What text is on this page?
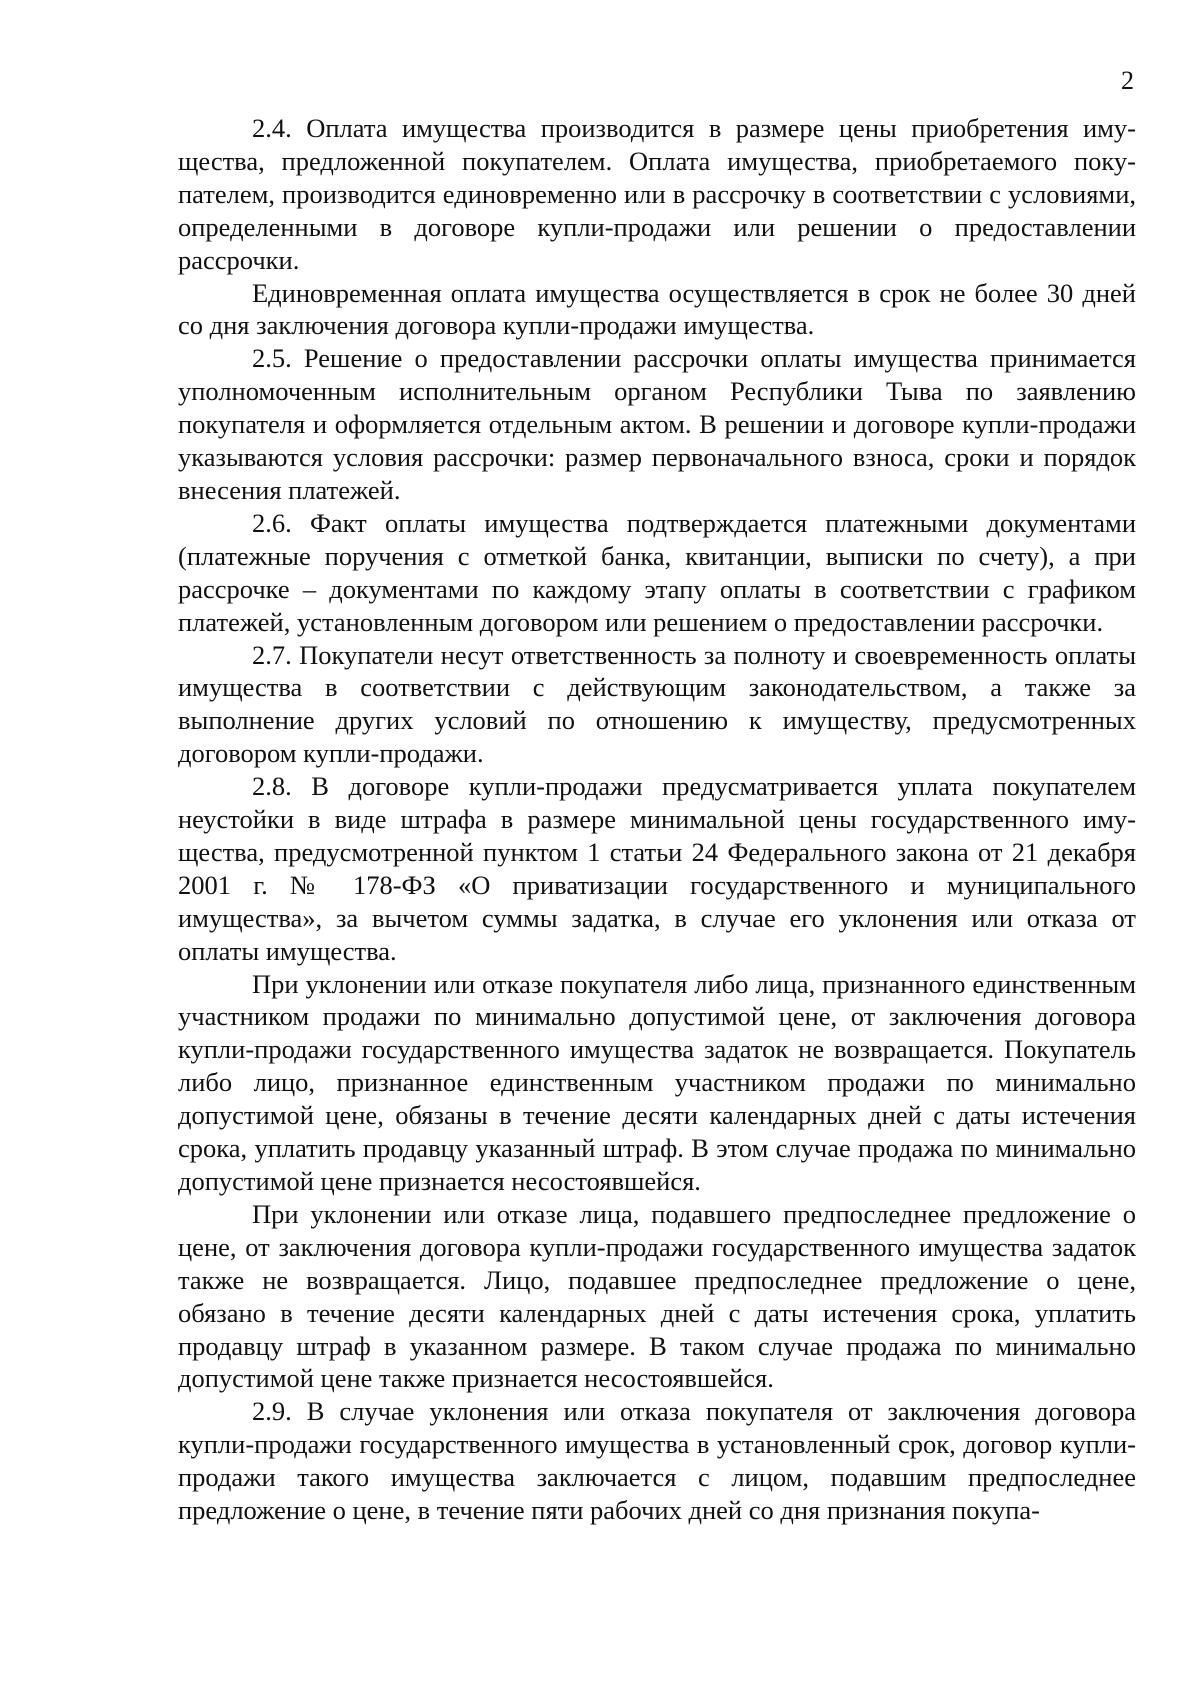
2

2.4. Оплата имущества производится в размере цены приобретения имущества, предложенной покупателем. Оплата имущества, приобретаемого покупателем, производится единовременно или в рассрочку в соответствии с условиями, определенными в договоре купли-продажи или решении о предоставлении рассрочки.

Единовременная оплата имущества осуществляется в срок не более 30 дней со дня заключения договора купли-продажи имущества.

2.5. Решение о предоставлении рассрочки оплаты имущества принимается уполномоченным исполнительным органом Республики Тыва по заявлению покупателя и оформляется отдельным актом. В решении и договоре купли-продажи указываются условия рассрочки: размер первоначального взноса, сроки и порядок внесения платежей.

2.6. Факт оплаты имущества подтверждается платежными документами (платежные поручения с отметкой банка, квитанции, выписки по счету), а при рассрочке – документами по каждому этапу оплаты в соответствии с графиком платежей, установленным договором или решением о предоставлении рассрочки.

2.7. Покупатели несут ответственность за полноту и своевременность оплаты имущества в соответствии с действующим законодательством, а также за выполнение других условий по отношению к имуществу, предусмотренных договором купли-продажи.

2.8. В договоре купли-продажи предусматривается уплата покупателем неустойки в виде штрафа в размере минимальной цены государственного имущества, предусмотренной пунктом 1 статьи 24 Федерального закона от 21 декабря 2001 г. № 178-ФЗ «О приватизации государственного и муниципального имущества», за вычетом суммы задатка, в случае его уклонения или отказа от оплаты имущества.

При уклонении или отказе покупателя либо лица, признанного единственным участником продажи по минимально допустимой цене, от заключения договора купли-продажи государственного имущества задаток не возвращается. Покупатель либо лицо, признанное единственным участником продажи по минимально допустимой цене, обязаны в течение десяти календарных дней с даты истечения срока, уплатить продавцу указанный штраф. В этом случае продажа по минимально допустимой цене признается несостоявшейся.

При уклонении или отказе лица, подавшего предпоследнее предложение о цене, от заключения договора купли-продажи государственного имущества задаток также не возвращается. Лицо, подавшее предпоследнее предложение о цене, обязано в течение десяти календарных дней с даты истечения срока, уплатить продавцу штраф в указанном размере. В таком случае продажа по минимально допустимой цене также признается несостоявшейся.

2.9. В случае уклонения или отказа покупателя от заключения договора купли-продажи государственного имущества в установленный срок, договор купли-продажи такого имущества заключается с лицом, подавшим предпоследнее предложение о цене, в течение пяти рабочих дней со дня признания покупа-
